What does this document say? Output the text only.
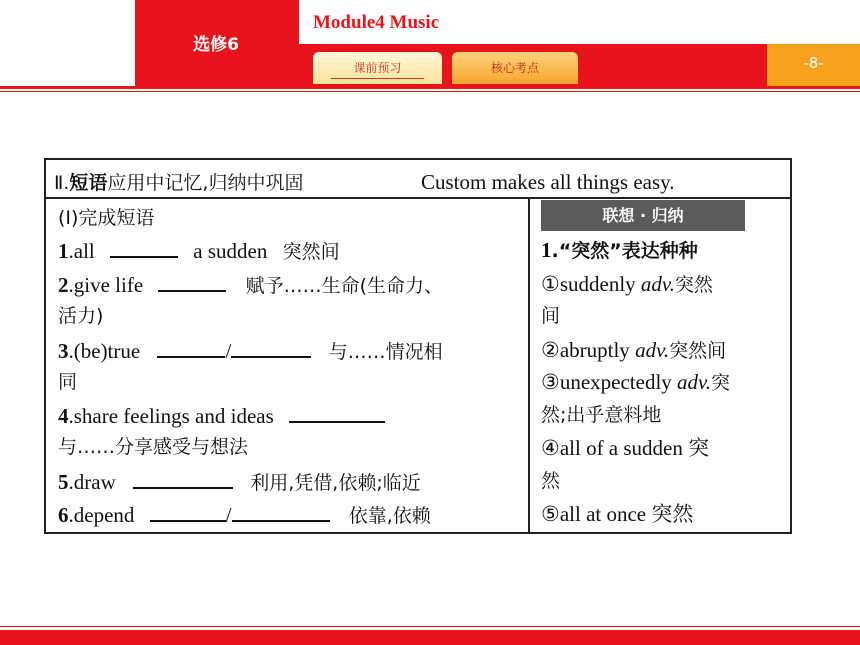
选修6
Module4 Music
-8-
课前预习	核心考点
Ⅱ.短语应用中记忆,归纳中巩固	Custom makes all things easy.
(Ⅰ)完成短语
1.all	a sudden 突然间
2.give life	赋予……生命(生命力、
活力)
3.(be)true	/	与……情况相
同
4.share feelings and ideas
与……分享感受与想法
5.draw	利用,凭借,依赖;临近
6.depend	/	依靠,依赖
联想 · 归纳
1.“突然”表达种种
①suddenly adv.突然
间
②abruptly adv.突然间
③unexpectedly adv.突
然;出乎意料地
④all of a sudden 突
然
⑤all at once 突然
